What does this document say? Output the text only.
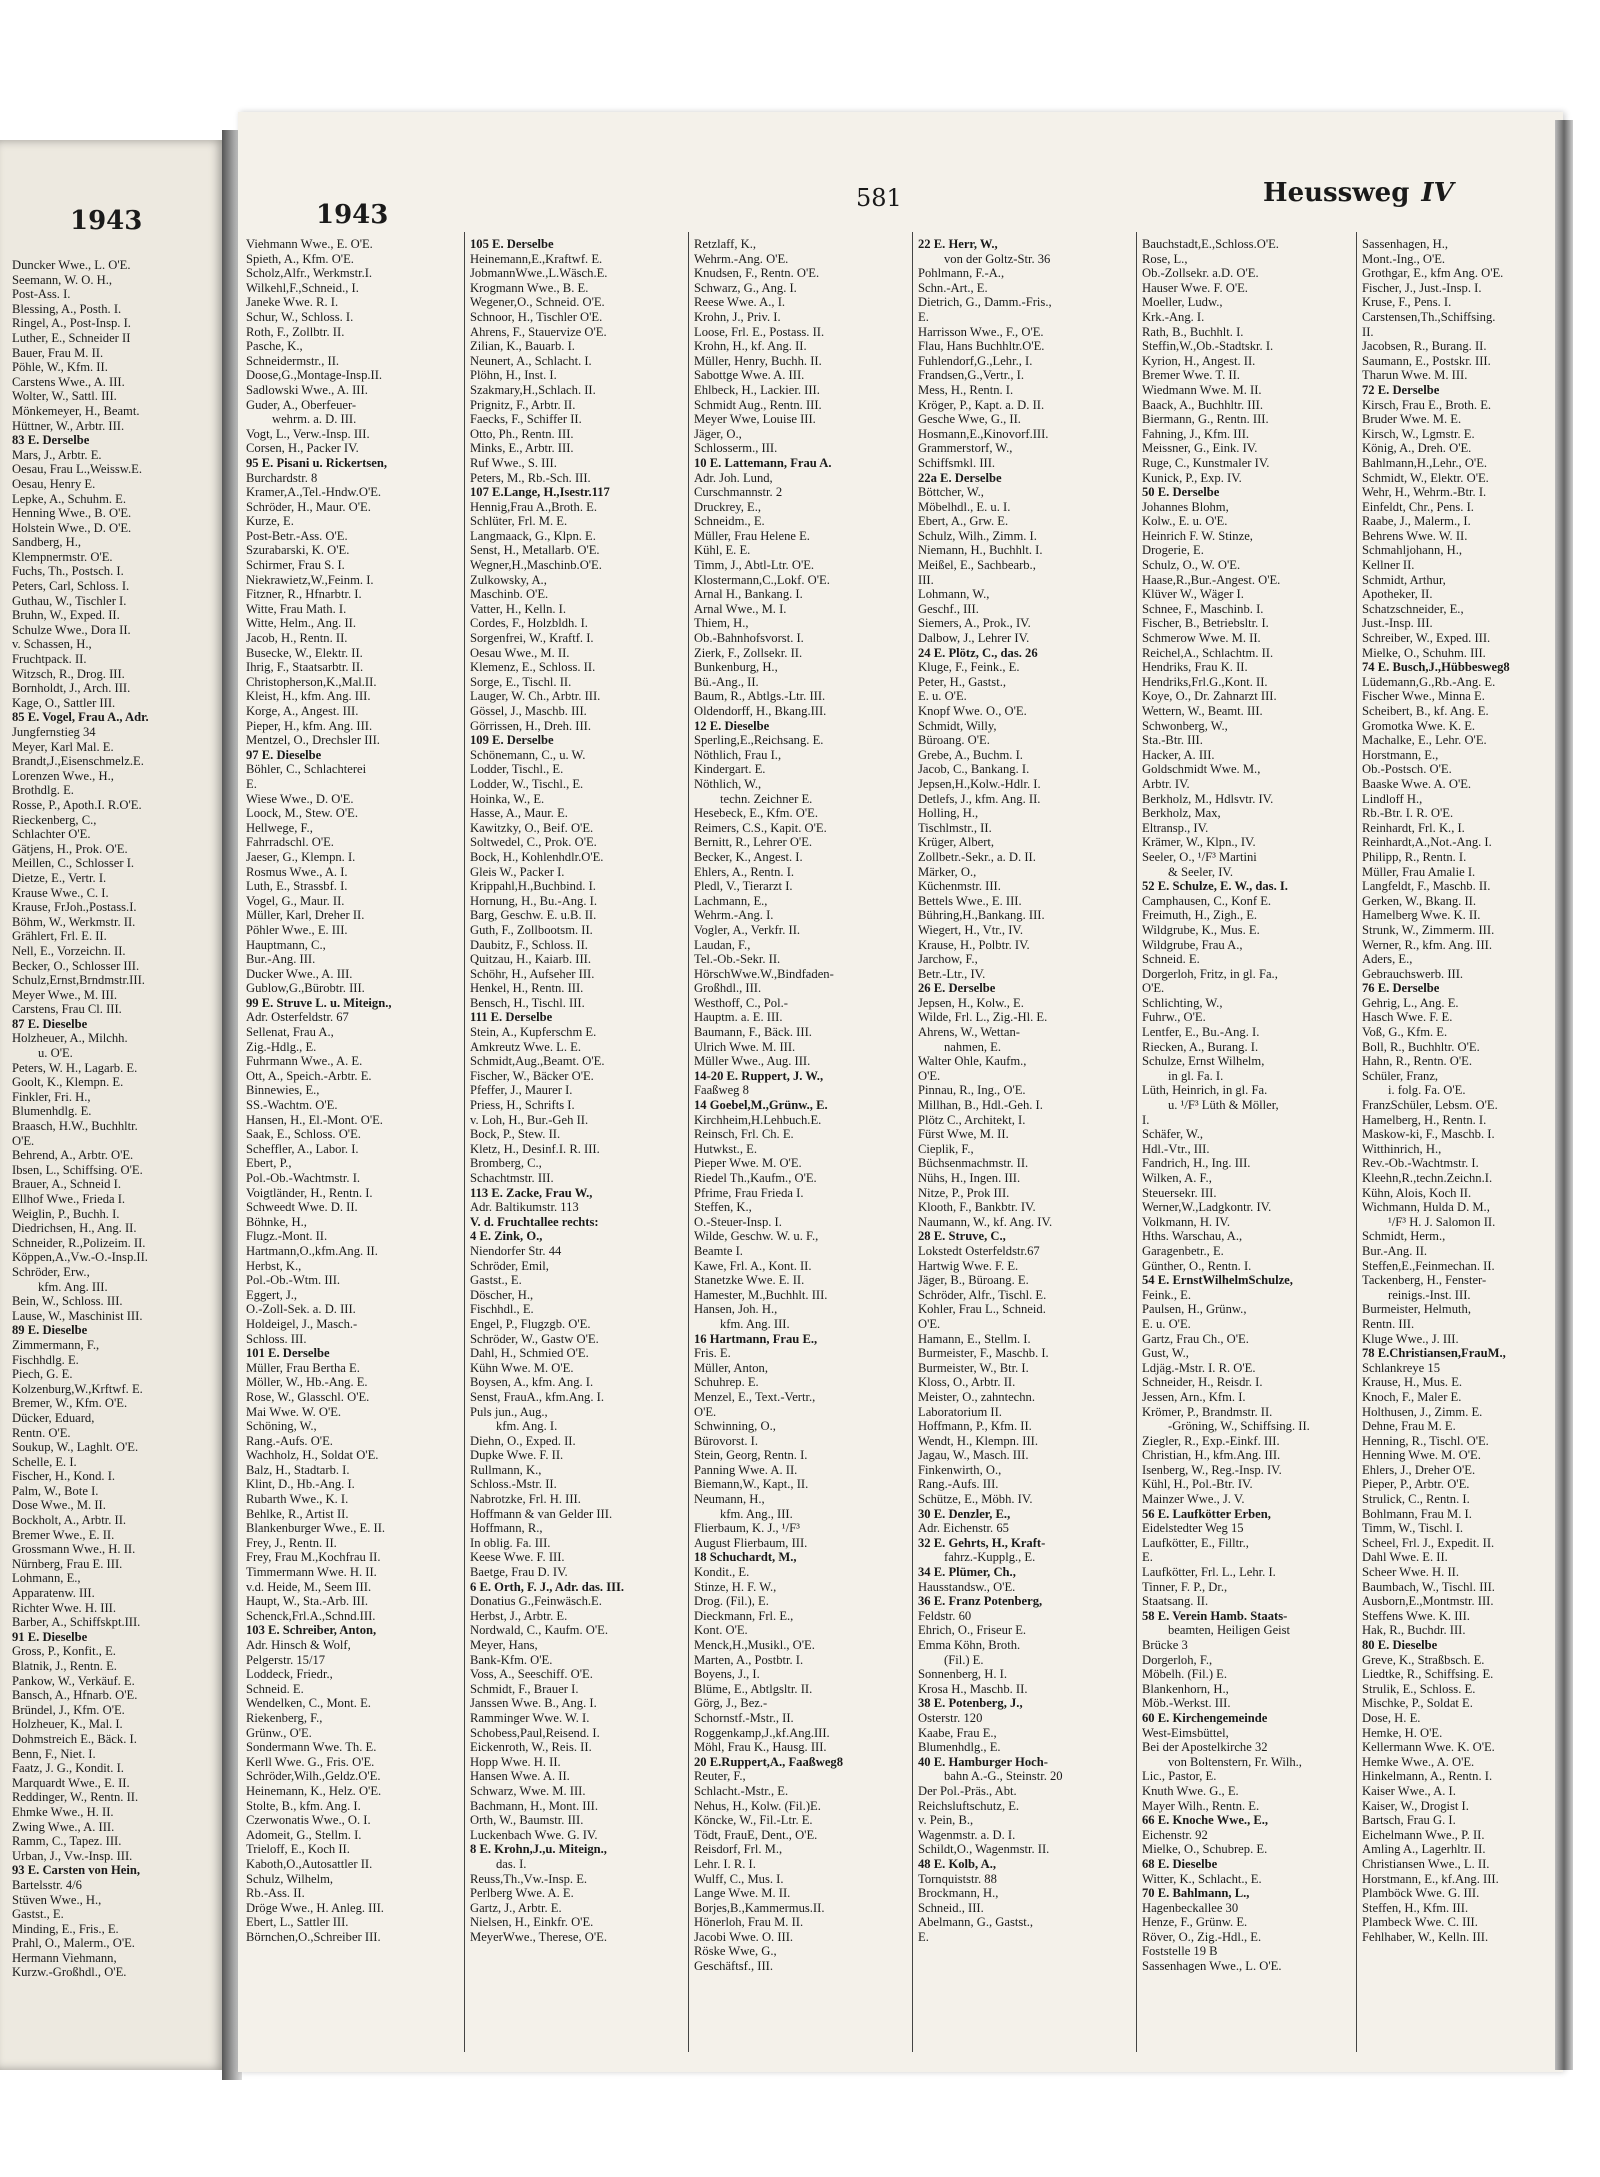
1943
Duncker Wwe., L. O'E.
Seemann, W. O. H.,
Post-Ass. I.
Blessing, A., Posth. I.
Ringel, A., Post-Insp. I.
Luther, E., Schneider II
Bauer, Frau M. II.
Pöhle, W., Kfm. II.
Carstens Wwe., A. III.
Wolter, W., Sattl. III.
Mönkemeyer, H., Beamt.
Hüttner, W., Arbtr. III.
83 E. Derselbe
Mars, J., Arbtr. E.
Oesau, Frau L.,Weissw.E.
Oesau, Henry E.
Lepke, A., Schuhm. E.
Henning Wwe., B. O'E.
Holstein Wwe., D. O'E.
Sandberg, H.,
Klempnermstr. O'E.
Fuchs, Th., Postsch. I.
Peters, Carl, Schloss. I.
Guthau, W., Tischler I.
Bruhn, W., Exped. II.
Schulze Wwe., Dora II.
v. Schassen, H.,
Fruchtpack. II.
Witzsch, R., Drog. III.
Bornholdt, J., Arch. III.
Kage, O., Sattler III.
85 E. Vogel, Frau A., Adr.
Jungfernstieg 34
Meyer, Karl Mal. E.
Brandt,J.,Eisenschmelz.E.
Lorenzen Wwe., H.,
Brothdlg. E.
Rosse, P., Apoth.I. R.O'E.
Rieckenberg, C.,
Schlachter O'E.
Gätjens, H., Prok. O'E.
Meillen, C., Schlosser I.
Dietze, E., Vertr. I.
Krause Wwe., C. I.
Krause, FrJoh.,Postass.I.
Böhm, W., Werkmstr. II.
Grählert, Frl. E. II.
Nell, E., Vorzeichn. II.
Becker, O., Schlosser III.
Schulz,Ernst,Brndmstr.III.
Meyer Wwe., M. III.
Carstens, Frau Cl. III.
87 E. Dieselbe
Holzheuer, A., Milchh.
u. O'E.
Peters, W. H., Lagarb. E.
Goolt, K., Klempn. E.
Finkler, Fri. H.,
Blumenhdlg. E.
Braasch, H.W., Buchhltr.
O'E.
Behrend, A., Arbtr. O'E.
Ibsen, L., Schiffsing. O'E.
Brauer, A., Schneid I.
Ellhof Wwe., Frieda I.
Weiglin, P., Buchh. I.
Diedrichsen, H., Ang. II.
Schneider, R.,Polizeim. II.
Köppen,A.,Vw.-O.-Insp.II.
Schröder, Erw.,
kfm. Ang. III.
Bein, W., Schloss. III.
Lause, W., Maschinist III.
89 E. Dieselbe
Zimmermann, F.,
Fischhdlg. E.
Piech, G. E.
Kolzenburg,W.,Krftwf. E.
Bremer, W., Kfm. O'E.
Dücker, Eduard,
Rentn. O'E.
Soukup, W., Laghlt. O'E.
Schelle, E. I.
Fischer, H., Kond. I.
Palm, W., Bote I.
Dose Wwe., M. II.
Bockholt, A., Arbtr. II.
Bremer Wwe., E. II.
Grossmann Wwe., H. II.
Nürnberg, Frau E. III.
Lohmann, E.,
Apparatenw. III.
Richter Wwe. H. III.
Barber, A., Schiffskpt.III.
91 E. Dieselbe
Gross, P., Konfit., E.
Blatnik, J., Rentn. E.
Pankow, W., Verkäuf. E.
Bansch, A., Hfnarb. O'E.
Bründel, J., Kfm. O'E.
Holzheuer, K., Mal. I.
Dohmstreich E., Bäck. I.
Benn, F., Niet. I.
Faatz, J. G., Kondit. I.
Marquardt Wwe., E. II.
Reddinger, W., Rentn. II.
Ehmke Wwe., H. II.
Zwing Wwe., A. III.
Ramm, C., Tapez. III.
Urban, J., Vw.-Insp. III.
93 E. Carsten von Hein,
Bartelsstr. 4/6
Stüven Wwe., H.,
Gastst., E.
Minding, E., Fris., E.
Prahl, O., Malerm., O'E.
Hermann Viehmann,
Kurzw.-Großhdl., O'E.
1943
581	Heussweg IV
Viehmann Wwe., E. O'E.
Spieth, A., Kfm. O'E.
Scholz,Alfr., Werkmstr.I.
Wilkehl,F.,Schneid., I.
Janeke Wwe. R. I.
Schur, W., Schloss. I.
Roth, F., Zollbtr. II.
Pasche, K.,
Schneidermstr., II.
Doose,G.,Montage-Insp.II.
Sadlowski Wwe., A. III.
Guder, A., Oberfeuer-
wehrm. a. D. III.
Vogt, L., Verw.-Insp. III.
Corsen, H., Packer IV.
95 E. Pisani u. Rickertsen,
Burchardstr. 8
Kramer,A.,Tel.-Hndw.O'E.
Schröder, H., Maur. O'E.
Kurze, E.
Post-Betr.-Ass. O'E.
Szurabarski, K. O'E.
Schirmer, Frau S. I.
Niekrawietz,W.,Feinm. I.
Fitzner, R., Hfnarbtr. I.
Witte, Frau Math. I.
Witte, Helm., Ang. II.
Jacob, H., Rentn. II.
Busecke, W., Elektr. II.
Ihrig, F., Staatsarbtr. II.
Christopherson,K.,Mal.II.
Kleist, H., kfm. Ang. III.
Korge, A., Angest. III.
Pieper, H., kfm. Ang. III.
Mentzel, O., Drechsler III.
97 E. Dieselbe
Böhler, C., Schlachterei
E.
Wiese Wwe., D. O'E.
Loock, M., Stew. O'E.
Hellwege, F.,
Fahrradschl. O'E.
Jaeser, G., Klempn. I.
Rosmus Wwe., A. I.
Luth, E., Strassbf. I.
Vogel, G., Maur. II.
Müller, Karl, Dreher II.
Pöhler Wwe., E. III.
Hauptmann, C.,
Bur.-Ang. III.
Ducker Wwe., A. III.
Gublow,G.,Bürobtr. III.
99 E. Struve L. u. Miteign.,
Adr. Osterfeldstr. 67
Sellenat, Frau A.,
Zig.-Hdlg., E.
Fuhrmann Wwe., A. E.
Ott, A., Speich.-Arbtr. E.
Binnewies, E.,
SS.-Wachtm. O'E.
Hansen, H., El.-Mont. O'E.
Saak, E., Schloss. O'E.
Scheffler, A., Labor. I.
Ebert, P.,
Pol.-Ob.-Wachtmstr. I.
Voigtländer, H., Rentn. I.
Schweedt Wwe. D. II.
Böhnke, H.,
Flugz.-Mont. II.
Hartmann,O.,kfm.Ang. II.
Herbst, K.,
Pol.-Ob.-Wtm. III.
Eggert, J.,
O.-Zoll-Sek. a. D. III.
Holdeigel, J., Masch.-
Schloss. III.
101 E. Derselbe
Müller, Frau Bertha E.
Möller, W., Hb.-Ang. E.
Rose, W., Glasschl. O'E.
Mai Wwe. W. O'E.
Schöning, W.,
Rang.-Aufs. O'E.
Wachholz, H., Soldat O'E.
Balz, H., Stadtarb. I.
Klint, D., Hb.-Ang. I.
Rubarth Wwe., K. I.
Behlke, R., Artist II.
Blankenburger Wwe., E. II.
Frey, J., Rentn. II.
Frey, Frau M.,Kochfrau II.
Timmermann Wwe. H. II.
v.d. Heide, M., Seem III.
Haupt, W., Sta.-Arb. III.
Schenck,Frl.A.,Schnd.III.
103 E. Schreiber, Anton,
Adr. Hinsch & Wolf,
Pelgerstr. 15/17
Loddeck, Friedr.,
Schneid. E.
Wendelken, C., Mont. E.
Riekenberg, F.,
Grünw., O'E.
Sondermann Wwe. Th. E.
Kerll Wwe. G., Fris. O'E.
Schröder,Wilh.,Geldz.O'E.
Heinemann, K., Helz. O'E.
Stolte, B., kfm. Ang. I.
Czerwonatis Wwe., O. I.
Adomeit, G., Stellm. I.
Trieloff, E., Koch II.
Kaboth,O.,Autosattler II.
Schulz, Wilhelm,
Rb.-Ass. II.
Dröge Wwe., H. Anleg. III.
Ebert, L., Sattler III.
Börnchen,O.,Schreiber III.
105 E. Derselbe
Heinemann,E.,Kraftwf. E.
JobmannWwe.,L.Wäsch.E.
Krogmann Wwe., B. E.
Wegener,O., Schneid. O'E.
Schnoor, H., Tischler O'E.
Ahrens, F., Stauervize O'E.
Zilian, K., Bauarb. I.
Neunert, A., Schlacht. I.
Plöhn, H., Inst. I.
Szakmary,H.,Schlach. II.
Prignitz, F., Arbtr. II.
Faecks, F., Schiffer II.
Otto, Ph., Rentn. III.
Minks, E., Arbtr. III.
Ruf Wwe., S. III.
Peters, M., Rb.-Sch. III.
107 E.Lange, H.,Isestr.117
Hennig,Frau A.,Broth. E.
Schlüter, Frl. M. E.
Langmaack, G., Klpn. E.
Senst, H., Metallarb. O'E.
Wegner,H.,Maschinb.O'E.
Zulkowsky, A.,
Maschinb. O'E.
Vatter, H., Kelln. I.
Cordes, F., Holzbldh. I.
Sorgenfrei, W., Kraftf. I.
Oesau Wwe., M. II.
Klemenz, E., Schloss. II.
Sorge, E., Tischl. II.
Lauger, W. Ch., Arbtr. III.
Gössel, J., Maschb. III.
Görrissen, H., Dreh. III.
109 E. Derselbe
Schönemann, C., u. W.
Lodder, Tischl., E.
Lodder, W., Tischl., E.
Hoinka, W., E.
Hasse, A., Maur. E.
Kawitzky, O., Beif. O'E.
Soltwedel, C., Prok. O'E.
Bock, H., Kohlenhdlr.O'E.
Gleis W., Packer I.
Krippahl,H.,Buchbind. I.
Hornung, H., Bu.-Ang. I.
Barg, Geschw. E. u.B. II.
Guth, F., Zollbootsm. II.
Daubitz, F., Schloss. II.
Quitzau, H., Kaiarb. III.
Schöhr, H., Aufseher III.
Henkel, H., Rentn. III.
Bensch, H., Tischl. III.
111 E. Derselbe
Stein, A., Kupferschm E.
Amkreutz Wwe. L. E.
Schmidt,Aug.,Beamt. O'E.
Fischer, W., Bäcker O'E.
Pfeffer, J., Maurer I.
Priess, H., Schrifts I.
v. Loh, H., Bur.-Geh II.
Bock, P., Stew. II.
Kletz, H., Desinf.I. R. III.
Bromberg, C.,
Schachtmstr. III.
113 E. Zacke, Frau W.,
Adr. Baltikumstr. 113
V. d. Fruchtallee rechts:
4 E. Zink, O.,
Niendorfer Str. 44
Schröder, Emil,
Gastst., E.
Döscher, H.,
Fischhdl., E.
Engel, P., Flugzgb. O'E.
Schröder, W., Gastw O'E.
Dahl, H., Schmied O'E.
Kühn Wwe. M. O'E.
Boysen, A., kfm. Ang. I.
Senst, FrauA., kfm.Ang. I.
Puls jun., Aug.,
kfm. Ang. I.
Diehn, O., Exped. II.
Dupke Wwe. F. II.
Rullmann, K.,
Schloss.-Mstr. II.
Nabrotzke, Frl. H. III.
Hoffmann & van Gelder III.
Hoffmann, R.,
In oblig. Fa. III.
Keese Wwe. F. III.
Baetge, Frau D. IV.
6 E. Orth, F. J., Adr. das. III.
Donatius G.,Feinwäsch.E.
Herbst, J., Arbtr. E.
Nordwald, C., Kaufm. O'E.
Meyer, Hans,
Bank-Kfm. O'E.
Voss, A., Seeschiff. O'E.
Schmidt, F., Brauer I.
Janssen Wwe. B., Ang. I.
Ramminger Wwe. W. I.
Schobess,Paul,Reisend. I.
Eickenroth, W., Reis. II.
Hopp Wwe. H. II.
Hansen Wwe. A. II.
Schwarz, Wwe. M. III.
Bachmann, H., Mont. III.
Orth, W., Baumstr. III.
Luckenbach Wwe. G. IV.
8 E. Krohn,J.,u. Miteign.,
das. I.
Reuss,Th.,Vw.-Insp. E.
Perlberg Wwe. A. E.
Gartz, J., Arbtr. E.
Nielsen, H., Einkfr. O'E.
MeyerWwe., Therese, O'E.
Retzlaff, K.,
Wehrm.-Ang. O'E.
Knudsen, F., Rentn. O'E.
Schwarz, G., Ang. I.
Reese Wwe. A., I.
Krohn, J., Priv. I.
Loose, Frl. E., Postass. II.
Krohn, H., kf. Ang. II.
Müller, Henry, Buchh. II.
Sabottge Wwe. A. III.
Ehlbeck, H., Lackier. III.
Schmidt Aug., Rentn. III.
Meyer Wwe, Louise III.
Jäger, O.,
Schlosserm., III.
10 E. Lattemann, Frau A.
Adr. Joh. Lund,
Curschmannstr. 2
Druckrey, E.,
Schneidm., E.
Müller, Frau Helene E.
Kühl, E. E.
Timm, J., Abtl-Ltr. O'E.
Klostermann,C.,Lokf. O'E.
Arnal H., Bankang. I.
Arnal Wwe., M. I.
Thiem, H.,
Ob.-Bahnhofsvorst. I.
Zierk, F., Zollsekr. II.
Bunkenburg, H.,
Bü.-Ang., II.
Baum, R., Abtlgs.-Ltr. III.
Oldendorff, H., Bkang.III.
12 E. Dieselbe
Sperling,E.,Reichsang. E.
Nöthlich, Frau I.,
Kindergart. E.
Nöthlich, W.,
techn. Zeichner E.
Hesebeck, E., Kfm. O'E.
Reimers, C.S., Kapit. O'E.
Bernitt, R., Lehrer O'E.
Becker, K., Angest. I.
Ehlers, A., Rentn. I.
Pledl, V., Tierarzt I.
Lachmann, E.,
Wehrm.-Ang. I.
Vogler, A., Verkfr. II.
Laudan, F.,
Tel.-Ob.-Sekr. II.
HörschWwe.W.,Bindfaden-
Großhdl., III.
Westhoff, C., Pol.-
Hauptm. a. E. III.
Baumann, F., Bäck. III.
Ulrich Wwe. M. III.
Müller Wwe., Aug. III.
14-20 E. Ruppert, J. W.,
Faaßweg 8
14 Goebel,M.,Grünw., E.
Kirchheim,H.Lehbuch.E.
Reinsch, Frl. Ch. E.
Hutwkst., E.
Pieper Wwe. M. O'E.
Riedel Th.,Kaufm., O'E.
Pfrime, Frau Frieda I.
Steffen, K.,
O.-Steuer-Insp. I.
Wilde, Geschw. W. u. F.,
Beamte I.
Kawe, Frl. A., Kont. II.
Stanetzke Wwe. E. II.
Hamester, M.,Buchhlt. III.
Hansen, Joh. H.,
kfm. Ang. III.
16 Hartmann, Frau E.,
Fris. E.
Müller, Anton,
Schuhrep. E.
Menzel, E., Text.-Vertr.,
O'E.
Schwinning, O.,
Bürovorst. I.
Stein, Georg, Rentn. I.
Panning Wwe. A. II.
Biemann,W., Kapt., II.
Neumann, H.,
kfm. Ang., III.
Flierbaum, K. J., ¹/F³
August Flierbaum, III.
18 Schuchardt, M.,
Kondit., E.
Stinze, H. F. W.,
Drog. (Fil.), E.
Dieckmann, Frl. E.,
Kont. O'E.
Menck,H.,Musikl., O'E.
Marten, A., Postbtr. I.
Boyens, J., I.
Blüme, E., Abtlgsltr. II.
Görg, J., Bez.-
Schornstf.-Mstr., II.
Roggenkamp,J.,kf.Ang.III.
Möhl, Frau K., Hausg. III.
20 E.Ruppert,A., Faaßweg8
Reuter, F.,
Schlacht.-Mstr., E.
Nehus, H., Kolw. (Fil.)E.
Köncke, W., Fil.-Ltr. E.
Tödt, FrauE, Dent., O'E.
Reisdorf, Frl. M.,
Lehr. I. R. I.
Wulff, C., Mus. I.
Lange Wwe. M. II.
Borjes,B.,Kammermus.II.
Hönerloh, Frau M. II.
Jacobi Wwe. O. III.
Röske Wwe, G.,
Geschäftsf., III.
22 E. Herr, W.,
von der Goltz-Str. 36
Pohlmann, F.-A.,
Schn.-Art., E.
Dietrich, G., Damm.-Fris.,
E.
Harrisson Wwe., F., O'E.
Flau, Hans Buchhltr.O'E.
Fuhlendorf,G.,Lehr., I.
Frandsen,G.,Vertr., I.
Mess, H., Rentn. I.
Kröger, P., Kapt. a. D. II.
Gesche Wwe, G., II.
Hosmann,E.,Kinovorf.III.
Grammerstorf, W.,
Schiffsmkl. III.
22a E. Derselbe
Böttcher, W.,
Möbelhdl., E. u. I.
Ebert, A., Grw. E.
Schulz, Wilh., Zimm. I.
Niemann, H., Buchhlt. I.
Meißel, E., Sachbearb.,
III.
Lohmann, W.,
Geschf., III.
Siemers, A., Prok., IV.
Dalbow, J., Lehrer IV.
24 E. Plötz, C., das. 26
Kluge, F., Feink., E.
Peter, H., Gastst.,
E. u. O'E.
Knopf Wwe. O., O'E.
Schmidt, Willy,
Büroang. O'E.
Grebe, A., Buchm. I.
Jacob, C., Bankang. I.
Jepsen,H.,Kolw.-Hdlr. I.
Detlefs, J., kfm. Ang. II.
Holling, H.,
Tischlmstr., II.
Krüger, Albert,
Zollbetr.-Sekr., a. D. II.
Märker, O.,
Küchenmstr. III.
Bettels Wwe., E. III.
Bühring,H.,Bankang. III.
Wiegert, H., Vtr., IV.
Krause, H., Polbtr. IV.
Jarchow, F.,
Betr.-Ltr., IV.
26 E. Derselbe
Jepsen, H., Kolw., E.
Wilde, Frl. L., Zig.-Hl. E.
Ahrens, W., Wettan-
nahmen, E.
Walter Ohle, Kaufm.,
O'E.
Pinnau, R., Ing., O'E.
Millhan, B., Hdl.-Geh. I.
Plötz C., Architekt, I.
Fürst Wwe, M. II.
Cieplik, F.,
Büchsenmachmstr. II.
Nühs, H., Ingen. III.
Nitze, P., Prok III.
Klooth, F., Bankbtr. IV.
Naumann, W., kf. Ang. IV.
28 E. Struve, C.,
Lokstedt Osterfeldstr.67
Hartwig Wwe. F. E.
Jäger, B., Büroang. E.
Schröder, Alfr., Tischl. E.
Kohler, Frau L., Schneid.
O'E.
Hamann, E., Stellm. I.
Burmeister, F., Maschb. I.
Burmeister, W., Btr. I.
Kloss, O., Arbtr. II.
Meister, O., zahntechn.
Laboratorium II.
Hoffmann, P., Kfm. II.
Wendt, H., Klempn. III.
Jagau, W., Masch. III.
Finkenwirth, O.,
Rang.-Aufs. III.
Schütze, E., Möbh. IV.
30 E. Denzler, E.,
Adr. Eichenstr. 65
32 E. Gehrts, H., Kraft-
fahrz.-Kupplg., E.
34 E. Plümer, Ch.,
Hausstandsw., O'E.
36 E. Franz Potenberg,
Feldstr. 60
Ehrich, O., Friseur E.
Emma Köhn, Broth.
(Fil.) E.
Sonnenberg, H. I.
Krosa H., Maschb. II.
38 E. Potenberg, J.,
Osterstr. 120
Kaabe, Frau E.,
Blumenhdlg., E.
40 E. Hamburger Hoch-
bahn A.-G., Steinstr. 20
Der Pol.-Präs., Abt.
Reichsluftschutz, E.
v. Pein, B.,
Wagenmstr. a. D. I.
Schildt,O., Wagenmstr. II.
48 E. Kolb, A.,
Tornquiststr. 88
Brockmann, H.,
Schneid., III.
Abelmann, G., Gastst.,
E.
Bauchstadt,E.,Schloss.O'E.
Rose, L.,
Ob.-Zollsekr. a.D. O'E.
Hauser Wwe. F. O'E.
Moeller, Ludw.,
Krk.-Ang. I.
Rath, B., Buchhlt. I.
Steffin,W.,Ob.-Stadtskr. I.
Kyrion, H., Angest. II.
Bremer Wwe. T. II.
Wiedmann Wwe. M. II.
Baack, A., Buchhltr. III.
Biermann, G., Rentn. III.
Fahning, J., Kfm. III.
Meissner, G., Eink. IV.
Ruge, C., Kunstmaler IV.
Kunick, P., Exp. IV.
50 E. Derselbe
Johannes Blohm,
Kolw., E. u. O'E.
Heinrich F. W. Stinze,
Drogerie, E.
Schulz, O., W. O'E.
Haase,R.,Bur.-Angest. O'E.
Klüver W., Wäger I.
Schnee, F., Maschinb. I.
Fischer, B., Betriebsltr. I.
Schmerow Wwe. M. II.
Reichel,A., Schlachtm. II.
Hendriks, Frau K. II.
Hendriks,Frl.G.,Kont. II.
Koye, O., Dr. Zahnarzt III.
Wettern, W., Beamt. III.
Schwonberg, W.,
Sta.-Btr. III.
Hacker, A. III.
Goldschmidt Wwe. M.,
Arbtr. IV.
Berkholz, M., Hdlsvtr. IV.
Berkholz, Max,
Eltransp., IV.
Krämer, W., Klpn., IV.
Seeler, O., ¹/F³ Martini
& Seeler, IV.
52 E. Schulze, E. W., das. I.
Camphausen, C., Konf E.
Freimuth, H., Zigh., E.
Wildgrube, K., Mus. E.
Wildgrube, Frau A.,
Schneid. E.
Dorgerloh, Fritz, in gl. Fa.,
O'E.
Schlichting, W.,
Fuhrw., O'E.
Lentfer, E., Bu.-Ang. I.
Riecken, A., Burang. I.
Schulze, Ernst Wilhelm,
in gl. Fa. I.
Lüth, Heinrich, in gl. Fa.
u. ¹/F³ Lüth & Möller,
I.
Schäfer, W.,
Hdl.-Vtr., III.
Fandrich, H., Ing. III.
Wilken, A. F.,
Steuersekr. III.
Werner,W.,Ladgkontr. IV.
Volkmann, H. IV.
Hths. Warschau, A.,
Garagenbetr., E.
Günther, O., Rentn. I.
54 E. ErnstWilhelmSchulze,
Feink., E.
Paulsen, H., Grünw.,
E. u. O'E.
Gartz, Frau Ch., O'E.
Gust, W.,
Ldjäg.-Mstr. I. R. O'E.
Schneider, H., Reisdr. I.
Jessen, Arn., Kfm. I.
Krömer, P., Brandmstr. II.
-Gröning, W., Schiffsing. II.
Ziegler, R., Exp.-Einkf. III.
Christian, H., kfm.Ang. III.
Isenberg, W., Reg.-Insp. IV.
Kühl, H., Pol.-Btr. IV.
Mainzer Wwe., J. V.
56 E. Laufkötter Erben,
Eidelstedter Weg 15
Laufkötter, E., Filltr.,
E.
Laufkötter, Frl. L., Lehr. I.
Tinner, F. P., Dr.,
Staatsang. II.
58 E. Verein Hamb. Staats-
beamten, Heiligen Geist
Brücke 3
Dorgerloh, F.,
Möbelh. (Fil.) E.
Blankenhorn, H.,
Möb.-Werkst. III.
60 E. Kirchengemeinde
West-Eimsbüttel,
Bei der Apostelkirche 32
von Boltenstern, Fr. Wilh.,
Lic., Pastor, E.
Knuth Wwe. G., E.
Mayer Wilh., Rentn. E.
66 E. Knoche Wwe., E.,
Eichenstr. 92
Mielke, O., Schubrep. E.
68 E. Dieselbe
Witter, K., Schlacht., E.
70 E. Bahlmann, L.,
Hagenbeckallee 30
Henze, F., Grünw. E.
Röver, O., Zig.-Hdl., E.
Foststelle 19 B
Sassenhagen Wwe., L. O'E.
Sassenhagen, H.,
Mont.-Ing., O'E.
Grothgar, E., kfm Ang. O'E.
Fischer, J., Just.-Insp. I.
Kruse, F., Pens. I.
Carstensen,Th.,Schiffsing.
II.
Jacobsen, R., Burang. II.
Saumann, E., Postskr. III.
Tharun Wwe. M. III.
72 E. Derselbe
Kirsch, Frau E., Broth. E.
Bruder Wwe. M. E.
Kirsch, W., Lgmstr. E.
König, A., Dreh. O'E.
Bahlmann,H.,Lehr., O'E.
Schmidt, W., Elektr. O'E.
Wehr, H., Wehrm.-Btr. I.
Einfeldt, Chr., Pens. I.
Raabe, J., Malerm., I.
Behrens Wwe. W. II.
Schmahljohann, H.,
Kellner II.
Schmidt, Arthur,
Apotheker, II.
Schatzschneider, E.,
Just.-Insp. III.
Schreiber, W., Exped. III.
Mielke, O., Schuhm. III.
74 E. Busch,J.,Hübbesweg8
Lüdemann,G.,Rb.-Ang. E.
Fischer Wwe., Minna E.
Scheibert, B., kf. Ang. E.
Gromotka Wwe. K. E.
Machalke, E., Lehr. O'E.
Horstmann, E.,
Ob.-Postsch. O'E.
Baaske Wwe. A. O'E.
Lindloff H.,
Rb.-Btr. I. R. O'E.
Reinhardt, Frl. K., I.
Reinhardt,A.,Not.-Ang. I.
Philipp, R., Rentn. I.
Müller, Frau Amalie I.
Langfeldt, F., Maschb. II.
Gerken, W., Bkang. II.
Hamelberg Wwe. K. II.
Strunk, W., Zimmerm. III.
Werner, R., kfm. Ang. III.
Aders, E.,
Gebrauchswerb. III.
76 E. Derselbe
Gehrig, L., Ang. E.
Hasch Wwe. F. E.
Voß, G., Kfm. E.
Boll, R., Buchhltr. O'E.
Hahn, R., Rentn. O'E.
Schüler, Franz,
i. folg. Fa. O'E.
FranzSchüler, Lebsm. O'E.
Hamelberg, H., Rentn. I.
Maskow-ki, F., Maschb. I.
Witthinrich, H.,
Rev.-Ob.-Wachtmstr. I.
Kleehn,R.,techn.Zeichn.I.
Kühn, Alois, Koch II.
Wichmann, Hulda D. M.,
¹/F³ H. J. Salomon II.
Schmidt, Herm.,
Bur.-Ang. II.
Steffen,E.,Feinmechan. II.
Tackenberg, H., Fenster-
reinigs.-Inst. III.
Burmeister, Helmuth,
Rentn. III.
Kluge Wwe., J. III.
78 E.Christiansen,FrauM.,
Schlankreye 15
Krause, H., Mus. E.
Knoch, F., Maler E.
Holthusen, J., Zimm. E.
Dehne, Frau M. E.
Henning, R., Tischl. O'E.
Henning Wwe. M. O'E.
Ehlers, J., Dreher O'E.
Pieper, P., Arbtr. O'E.
Strulick, C., Rentn. I.
Bohlmann, Frau M. I.
Timm, W., Tischl. I.
Scheel, Frl. J., Expedit. II.
Dahl Wwe. E. II.
Scheer Wwe. H. II.
Baumbach, W., Tischl. III.
Ausborn,E.,Montmstr. III.
Steffens Wwe. K. III.
Hak, R., Buchdr. III.
80 E. Dieselbe
Greve, K., Straßbsch. E.
Liedtke, R., Schiffsing. E.
Strulik, E., Schloss. E.
Mischke, P., Soldat E.
Dose, H. E.
Hemke, H. O'E.
Kellermann Wwe. K. O'E.
Hemke Wwe., A. O'E.
Hinkelmann, A., Rentn. I.
Kaiser Wwe., A. I.
Kaiser, W., Drogist I.
Bartsch, Frau G. I.
Eichelmann Wwe., P. II.
Amling A., Lagerhltr. II.
Christiansen Wwe., L. II.
Horstmann, E., kf.Ang. III.
Plamböck Wwe. G. III.
Steffen, H., Kfm. III.
Plambeck Wwe. C. III.
Fehlhaber, W., Kelln. III.
